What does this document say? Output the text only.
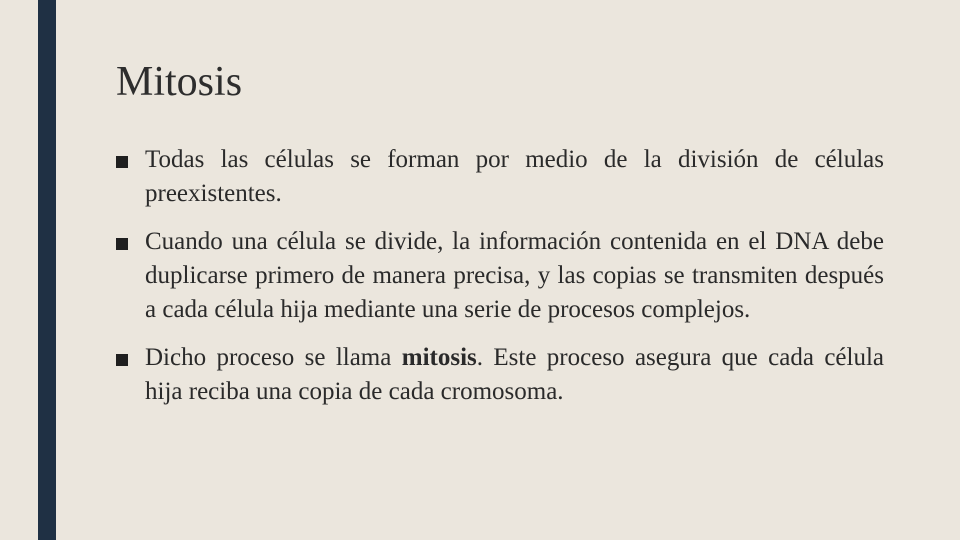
Mitosis
Todas las células se forman por medio de la división de células preexistentes.
Cuando una célula se divide, la información contenida en el DNA debe duplicarse primero de manera precisa, y las copias se transmiten después a cada célula hija mediante una serie de procesos complejos.
Dicho proceso se llama mitosis. Este proceso asegura que cada célula hija reciba una copia de cada cromosoma.
